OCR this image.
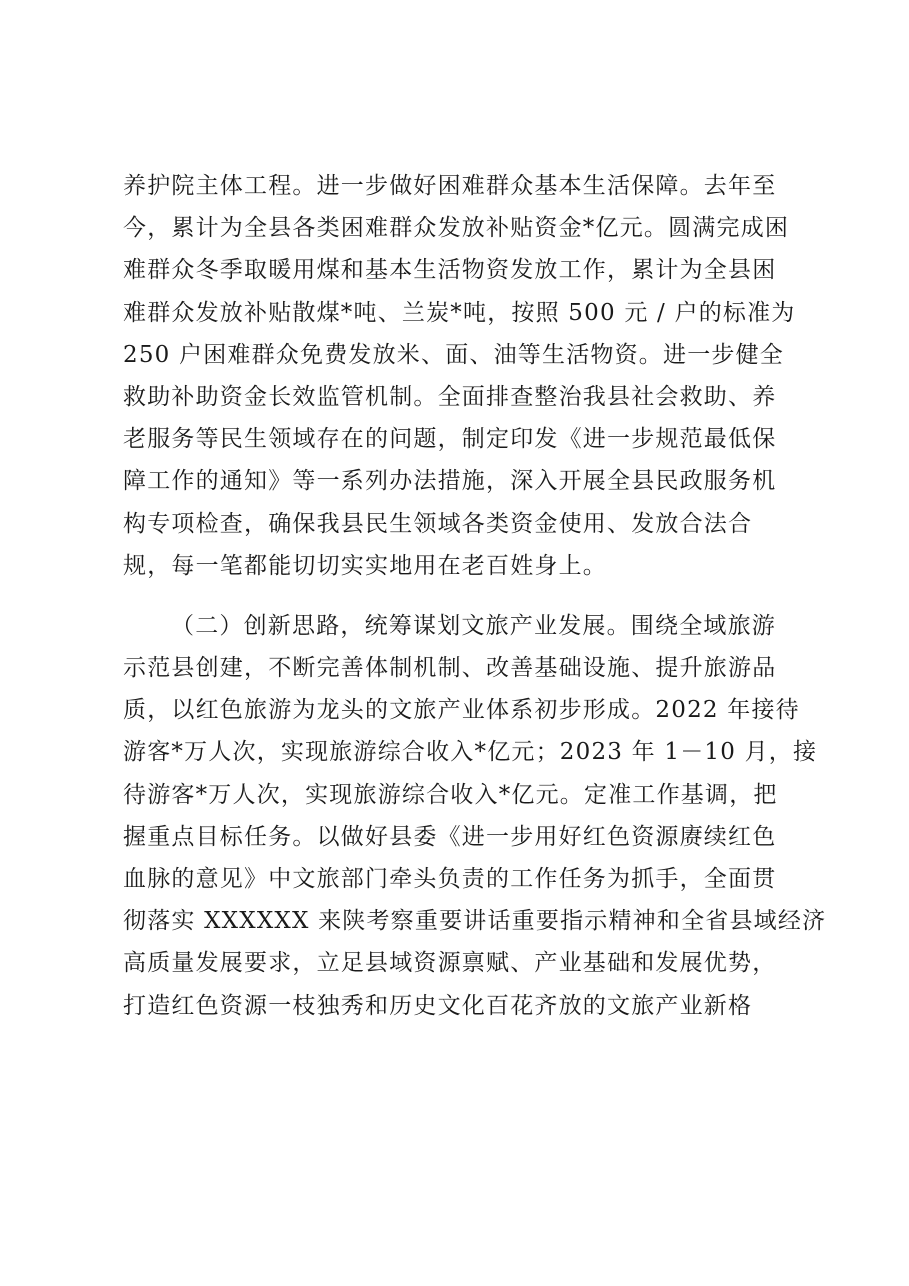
养护院主体工程。进一步做好困难群众基本生活保障。去年至
今，累计为全县各类困难群众发放补贴资金*亿元。圆满完成困
难群众冬季取暖用煤和基本生活物资发放工作，累计为全县困
难群众发放补贴散煤*吨、兰炭*吨，按照 500 元 / 户的标准为
250 户困难群众免费发放米、面、油等生活物资。进一步健全
救助补助资金长效监管机制。全面排查整治我县社会救助、养
老服务等民生领域存在的问题，制定印发《进一步规范最低保
障工作的通知》等一系列办法措施，深入开展全县民政服务机
构专项检查，确保我县民生领域各类资金使用、发放合法合
规，每一笔都能切切实实地用在老百姓身上。
（二）创新思路，统筹谋划文旅产业发展。围绕全域旅游
示范县创建，不断完善体制机制、改善基础设施、提升旅游品
质，以红色旅游为龙头的文旅产业体系初步形成。2022 年接待
游客*万人次，实现旅游综合收入*亿元；2023 年 1－10 月，接
待游客*万人次，实现旅游综合收入*亿元。定准工作基调，把
握重点目标任务。以做好县委《进一步用好红色资源赓续红色
血脉的意见》中文旅部门牵头负责的工作任务为抓手，全面贯
彻落实 XXXXXX 来陕考察重要讲话重要指示精神和全省县域经济
高质量发展要求，立足县域资源禀赋、产业基础和发展优势，
打造红色资源一枝独秀和历史文化百花齐放的文旅产业新格
